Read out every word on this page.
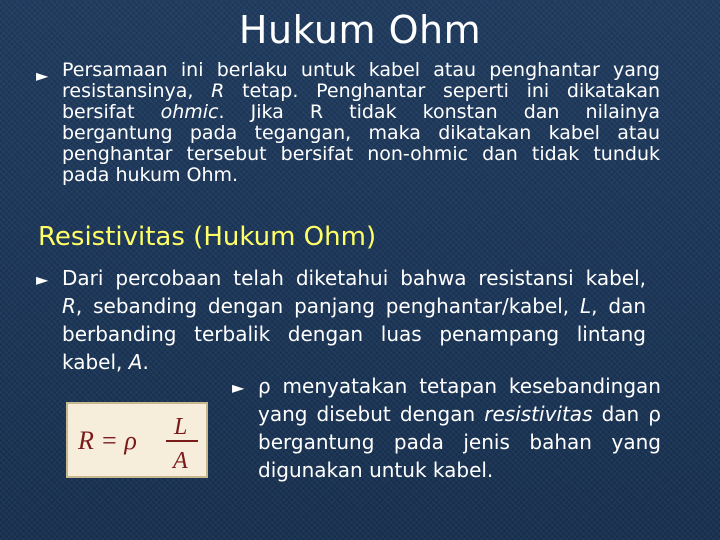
Hukum Ohm
► Persamaan ini berlaku untuk kabel atau penghantar yang
resistansinya, R tetap. Penghantar seperti ini dikatakan
bersifat ohmic. Jika R tidak konstan dan nilainya
bergantung pada tegangan, maka dikatakan kabel atau
penghantar tersebut bersifat non-ohmic dan tidak tunduk
pada hukum Ohm.
Resistivitas (Hukum Ohm)
► Dari percobaan telah diketahui bahwa resistansi kabel,
R, sebanding dengan panjang penghantar/kabel, L, dan
berbanding terbalik dengan luas penampang lintang
kabel, A.
► ρ menyatakan tetapan kesebandingan
yang disebut dengan resistivitas dan ρ
bergantung pada jenis bahan yang
digunakan untuk kabel.
R = ρ L
A
